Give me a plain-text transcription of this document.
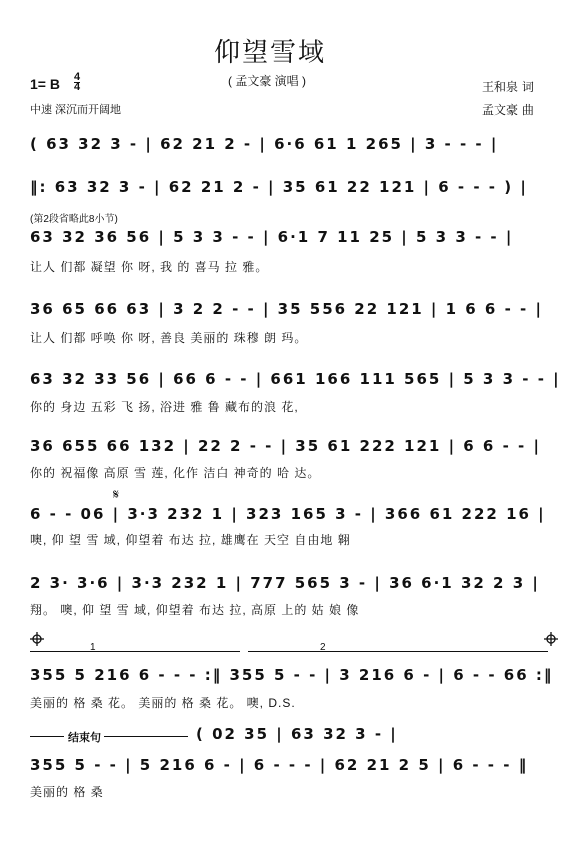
仰望雪域
( 孟文豪 演唱 )
1= B 4
4
中速 深沉而开阔地
王和泉 词
孟文豪 曲
( 63 32 3 - | 62 21 2 - | 6·6 61 1 265 | 3 - - - |
‖: 63 32 3 - | 62 21 2 - | 35 61 22 121 | 6 - - - ) |
(第2段省略此8小节)
63 32 36 56 | 5 3 3 - - | 6·1 7 11 25 | 5 3 3 - - |
让人 们都 凝望 你 呀, 我 的 喜马 拉 雅。
36 65 66 63 | 3 2 2 - - | 35 556 22 121 | 1 6 6 - - |
让人 们都 呼唤 你 呀, 善良 美丽的 珠穆 朗 玛。
63 32 33 56 | 66 6 - - | 661 166 111 565 | 5 3 3 - - |
你的 身边 五彩 飞 扬, 浴进 雅 鲁 藏布的浪 花,
36 655 66 132 | 22 2 - - | 35 61 222 121 | 6 6 - - |
你的 祝福像 高原 雪 莲, 化作 洁白 神奇的 哈 达。
𝄋
6 - - 06 | 3·3 232 1 | 323 165 3 - | 366 61 222 16 |
噢, 仰 望 雪 域, 仰望着 布达 拉, 雄鹰在 天空 自由地 翱
2 3· 3·6 | 3·3 232 1 | 777 565 3 - | 36 6·1 32 2 3 |
翔。 噢, 仰 望 雪 域, 仰望着 布达 拉, 高原 上的 姑 娘 像
1	2
355 5 216 6 - - - :‖ 355 5 - - | 3 216 6 - | 6 - - 66 :‖
美丽的 格 桑 花。 美丽的 格 桑 花。 噢, D.S.
结束句	( 02 35 | 63 32 3 - |
355 5 - - | 5 216 6 - | 6 - - - | 62 21 2 5 | 6 - - - ‖
美丽的 格 桑
